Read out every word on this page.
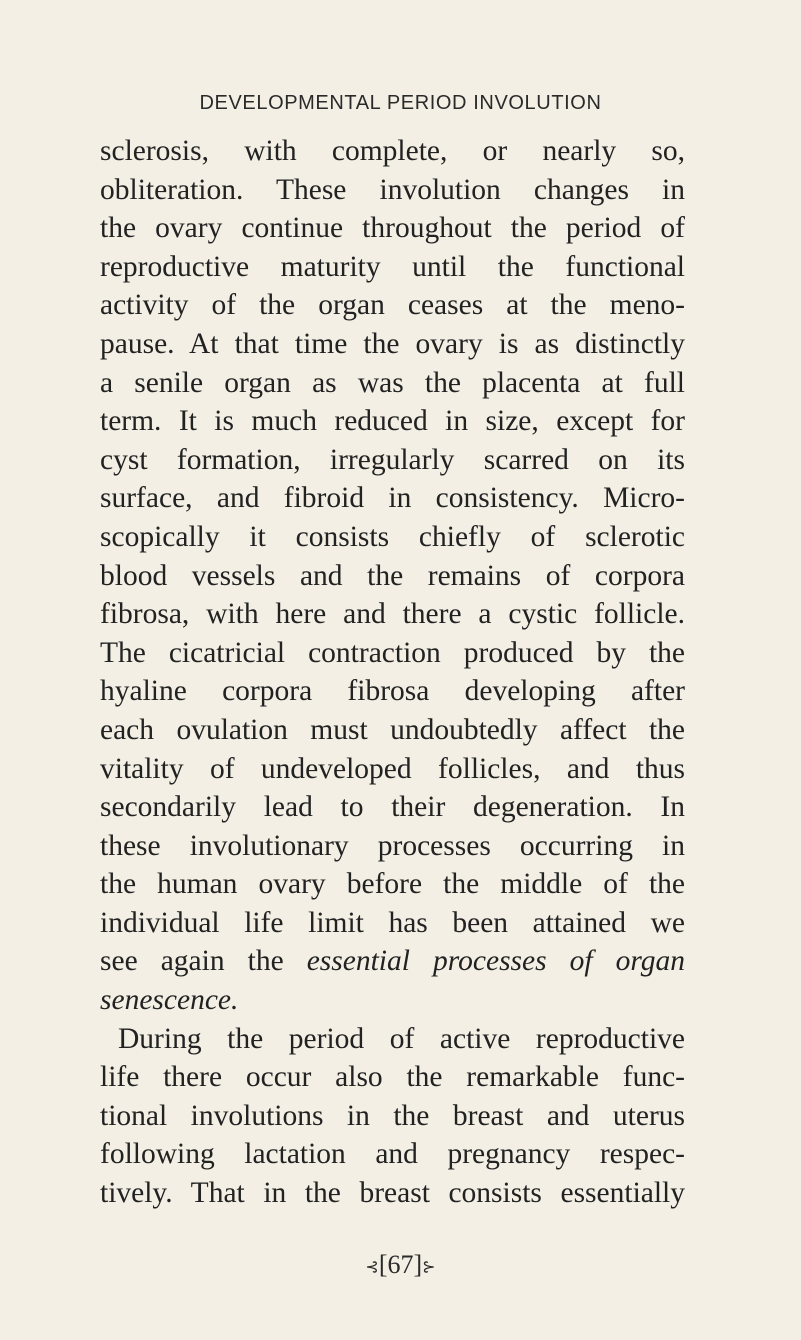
DEVELOPMENTAL PERIOD INVOLUTION
sclerosis, with complete, or nearly so,
obliteration. These involution changes in
the ovary continue throughout the period of
reproductive maturity until the functional
activity of the organ ceases at the meno-
pause. At that time the ovary is as distinctly
a senile organ as was the placenta at full
term. It is much reduced in size, except for
cyst formation, irregularly scarred on its
surface, and fibroid in consistency. Micro-
scopically it consists chiefly of sclerotic
blood vessels and the remains of corpora
fibrosa, with here and there a cystic follicle.
The cicatricial contraction produced by the
hyaline corpora fibrosa developing after
each ovulation must undoubtedly affect the
vitality of undeveloped follicles, and thus
secondarily lead to their degeneration. In
these involutionary processes occurring in
the human ovary before the middle of the
individual life limit has been attained we
see again the essential processes of organ
senescence.
During the period of active reproductive
life there occur also the remarkable func-
tional involutions in the breast and uterus
following lactation and pregnancy respec-
tively. That in the breast consists essentially
⊰[67]⊱
